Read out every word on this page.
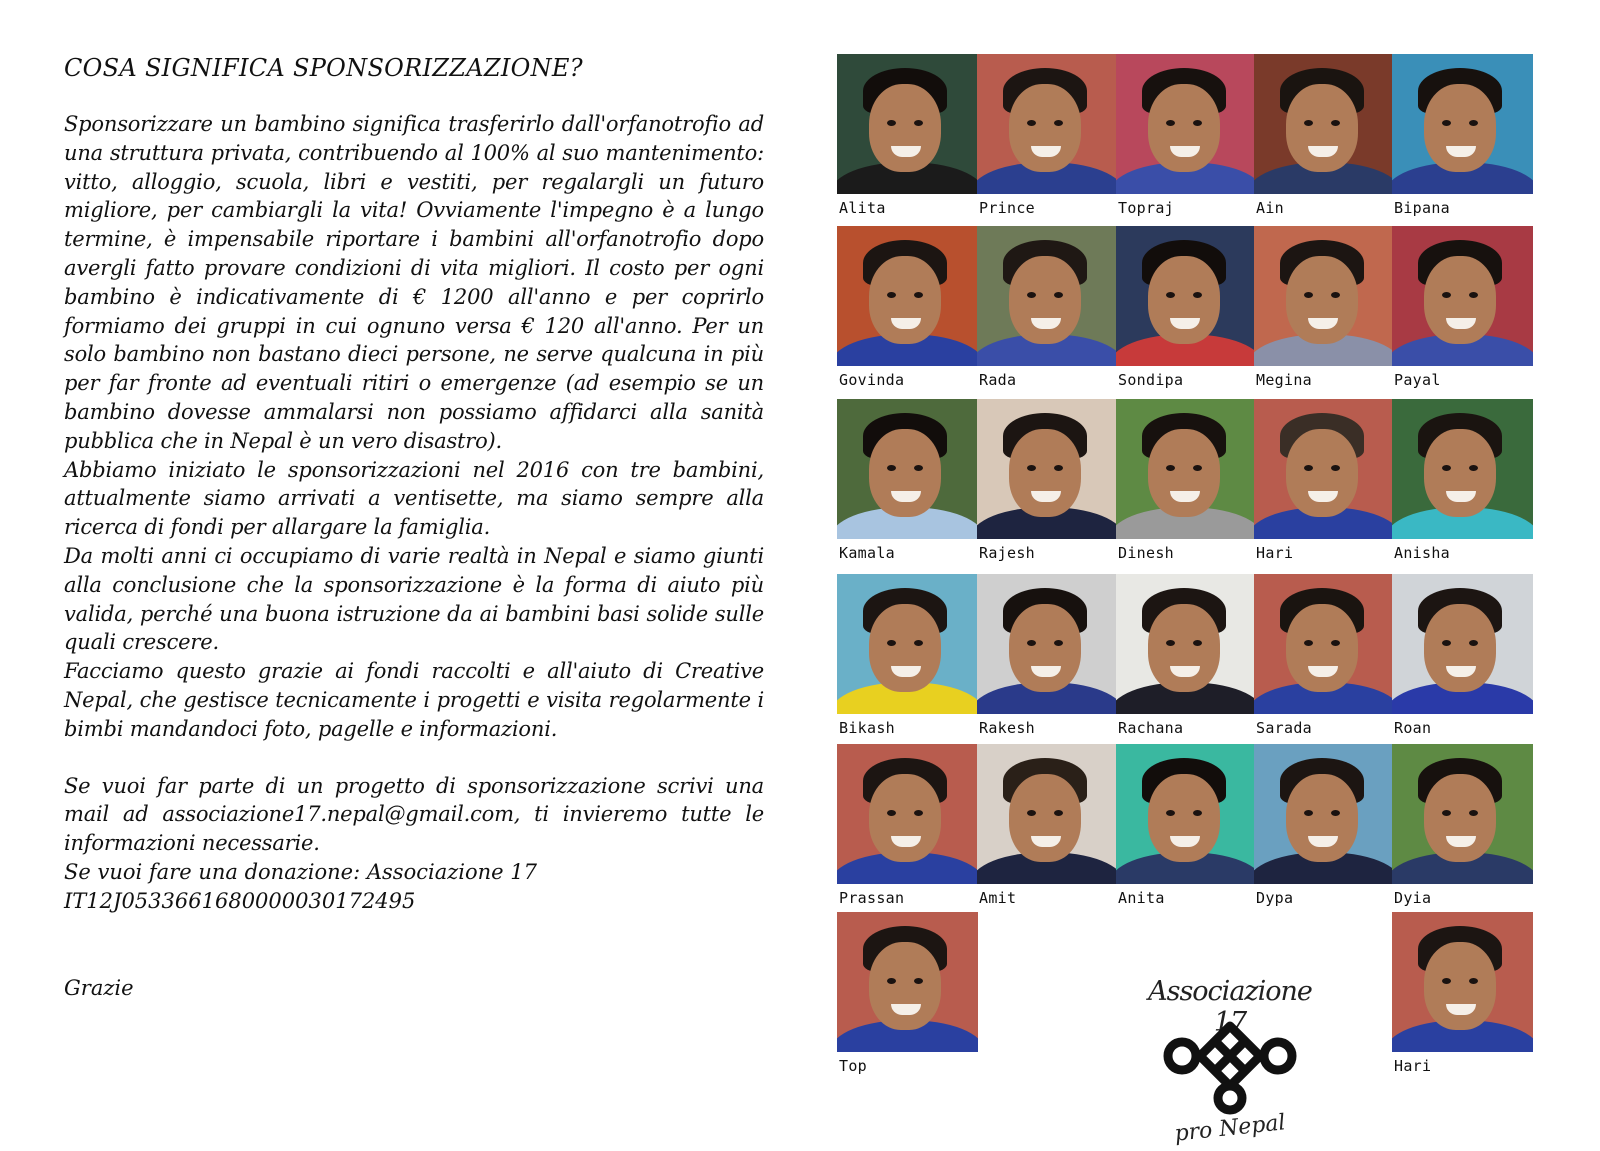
COSA SIGNIFICA SPONSORIZZAZIONE?

Sponsorizzare un bambino significa trasferirlo dall'orfanotrofio ad una struttura privata, contribuendo al 100% al suo mantenimento: vitto, alloggio, scuola, libri e vestiti, per regalargli un futuro migliore, per cambiargli la vita! Ovviamente l'impegno è a lungo termine, è impensabile riportare i bambini all'orfanotrofio dopo avergli fatto provare condizioni di vita migliori. Il costo per ogni bambino è indicativamente di € 1200 all'anno e per coprirlo formiamo dei gruppi in cui ognuno versa € 120 all'anno. Per un solo bambino non bastano dieci persone, ne serve qualcuna in più per far fronte ad eventuali ritiri o emergenze (ad esempio se un bambino dovesse ammalarsi non possiamo affidarci alla sanità pubblica che in Nepal è un vero disastro).

Abbiamo iniziato le sponsorizzazioni nel 2016 con tre bambini, attualmente siamo arrivati a ventisette, ma siamo sempre alla ricerca di fondi per allargare la famiglia.

Da molti anni ci occupiamo di varie realtà in Nepal e siamo giunti alla conclusione che la sponsorizzazione è la forma di aiuto più valida, perché una buona istruzione da ai bambini basi solide sulle quali crescere.

Facciamo questo grazie ai fondi raccolti e all'aiuto di Creative Nepal, che gestisce tecnicamente i progetti e visita regolarmente i bimbi mandandoci foto, pagelle e informazioni.

Se vuoi far parte di un progetto di sponsorizzazione scrivi una mail ad associazione17.nepal@gmail.com, ti invieremo tutte le informazioni necessarie.

Se vuoi fare una donazione: Associazione 17

IT12J0533661680000030172495

Grazie	Associazione 17
pro Nepal
Alita	Prince	Topraj	Ain	Bipana
Govinda	Rada	Sondipa	Megina	Payal
Kamala	Rajesh	Dinesh	Hari	Anisha
Bikash	Rakesh	Rachana	Sarada	Roan
Prassan	Amit	Anita	Dypa	Dyia
Top	Hari
